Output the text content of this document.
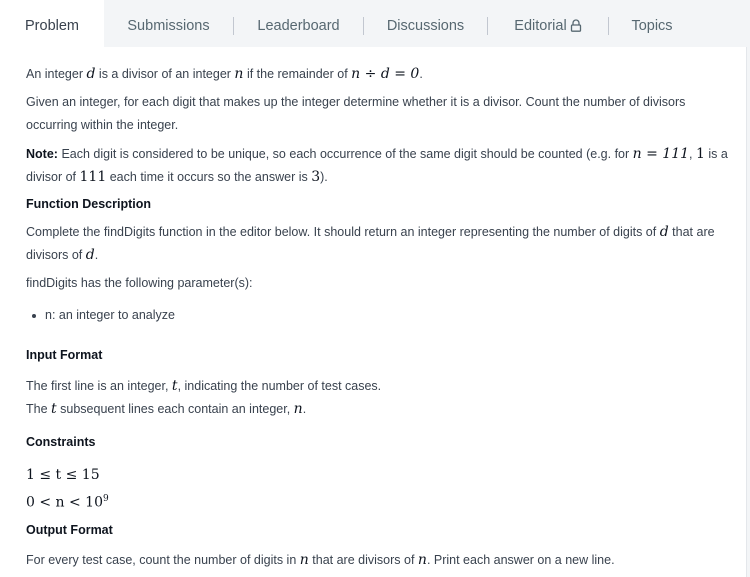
Problem	Submissions	Leaderboard	Discussions	Editorial	Topics
An integer d is a divisor of an integer n if the remainder of n ÷ d = 0.
Given an integer, for each digit that makes up the integer determine whether it is a divisor. Count the number of divisors
occurring within the integer.
Note: Each digit is considered to be unique, so each occurrence of the same digit should be counted (e.g. for n = 111, 1 is a
divisor of 111 each time it occurs so the answer is 3).
Function Description
Complete the findDigits function in the editor below. It should return an integer representing the number of digits of d that are
divisors of d.
findDigits has the following parameter(s):
n: an integer to analyze
Input Format
The first line is an integer, t, indicating the number of test cases.
The t subsequent lines each contain an integer, n.
Constraints
1 ≤ t ≤ 15
$0 < n < 10^9$
Output Format
For every test case, count the number of digits in n that are divisors of n. Print each answer on a new line.
